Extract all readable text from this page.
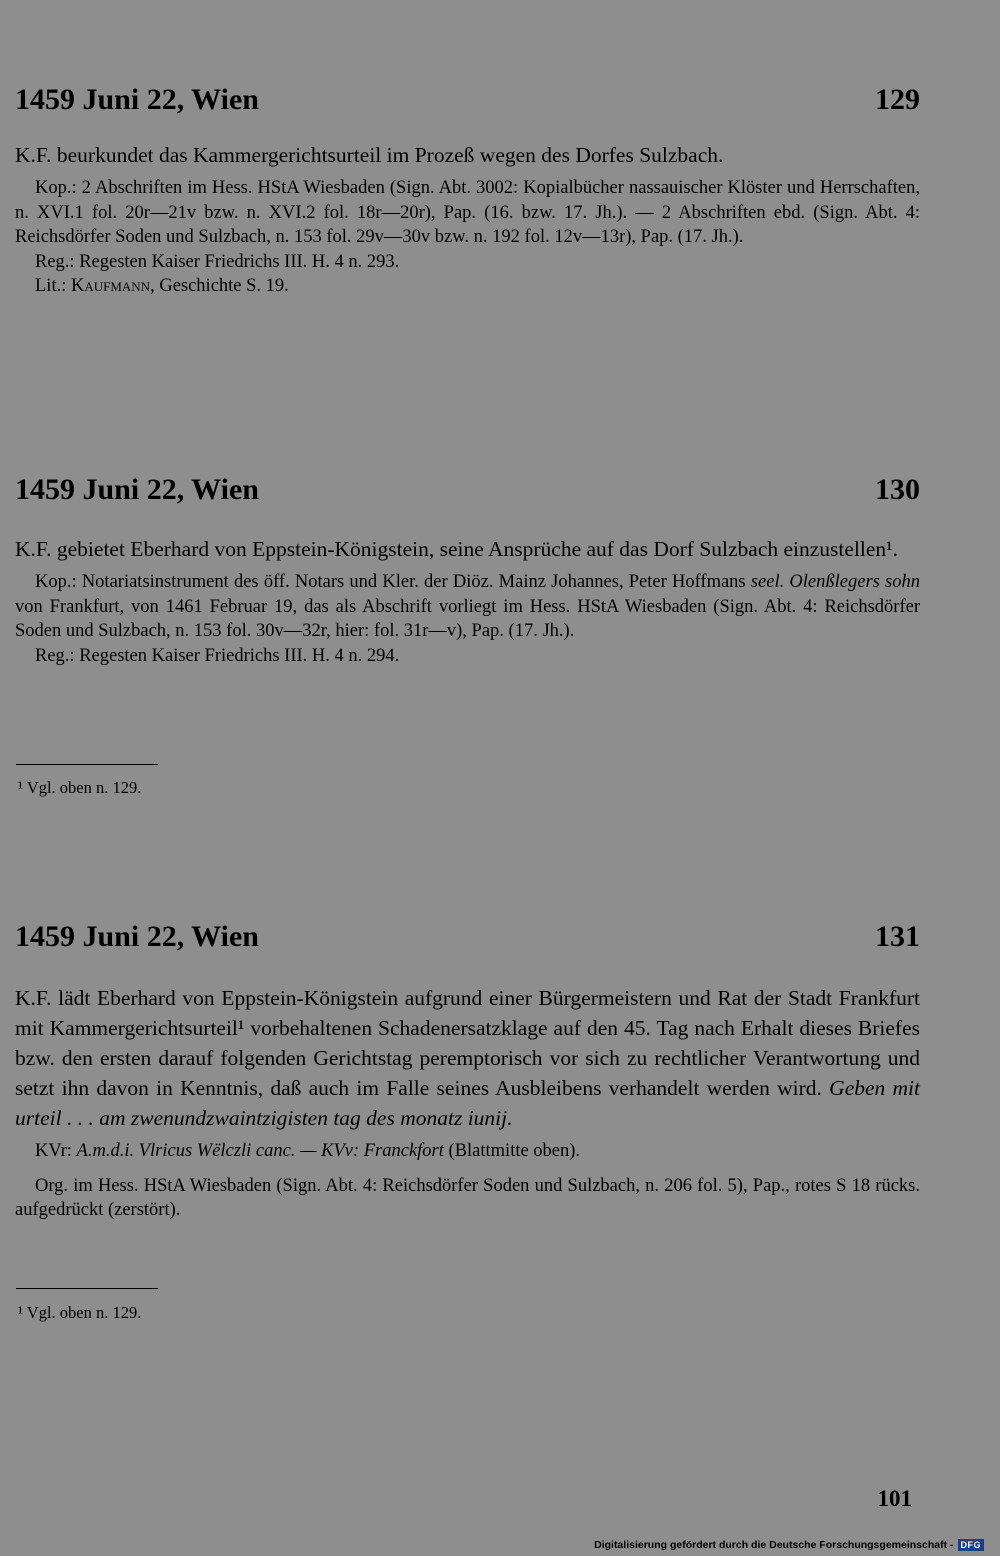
1459 Juni 22, Wien	129

K.F. beurkundet das Kammergerichtsurteil im Prozeß wegen des Dorfes Sulzbach.

Kop.: 2 Abschriften im Hess. HStA Wiesbaden (Sign. Abt. 3002: Kopialbücher nassauischer Klöster und Herrschaften, n. XVI.1 fol. 20r—21v bzw. n. XVI.2 fol. 18r—20r), Pap. (16. bzw. 17. Jh.). — 2 Abschriften ebd. (Sign. Abt. 4: Reichsdörfer Soden und Sulzbach, n. 153 fol. 29v—30v bzw. n. 192 fol. 12v—13r), Pap. (17. Jh.).

Reg.: Regesten Kaiser Friedrichs III. H. 4 n. 293.

Lit.: Kaufmann, Geschichte S. 19.

1459 Juni 22, Wien	130

K.F. gebietet Eberhard von Eppstein-Königstein, seine Ansprüche auf das Dorf Sulzbach einzustellen¹.

Kop.: Notariatsinstrument des öff. Notars und Kler. der Diöz. Mainz Johannes, Peter Hoffmans seel. Olenßlegers sohn von Frankfurt, von 1461 Februar 19, das als Abschrift vorliegt im Hess. HStA Wiesbaden (Sign. Abt. 4: Reichsdörfer Soden und Sulzbach, n. 153 fol. 30v—32r, hier: fol. 31r—v), Pap. (17. Jh.).

Reg.: Regesten Kaiser Friedrichs III. H. 4 n. 294.

¹ Vgl. oben n. 129.
1459 Juni 22, Wien	131

K.F. lädt Eberhard von Eppstein-Königstein aufgrund einer Bürgermeistern und Rat der Stadt Frankfurt mit Kammergerichtsurteil¹ vorbehaltenen Schadenersatzklage auf den 45. Tag nach Erhalt dieses Briefes bzw. den ersten darauf folgenden Gerichtstag peremptorisch vor sich zu rechtlicher Verantwortung und setzt ihn davon in Kenntnis, daß auch im Falle seines Ausbleibens verhandelt werden wird. Geben mit urteil . . . am zwenundzwaintzigisten tag des monatz iunij.

KVr: A.m.d.i. Vlricus Wëlczli canc. — KVv: Franckfort (Blattmitte oben).

Org. im Hess. HStA Wiesbaden (Sign. Abt. 4: Reichsdörfer Soden und Sulzbach, n. 206 fol. 5), Pap., rotes S 18 rücks. aufgedrückt (zerstört).

¹ Vgl. oben n. 129.
101
Digitalisierung gefördert durch die Deutsche Forschungsgemeinschaft - DFG
